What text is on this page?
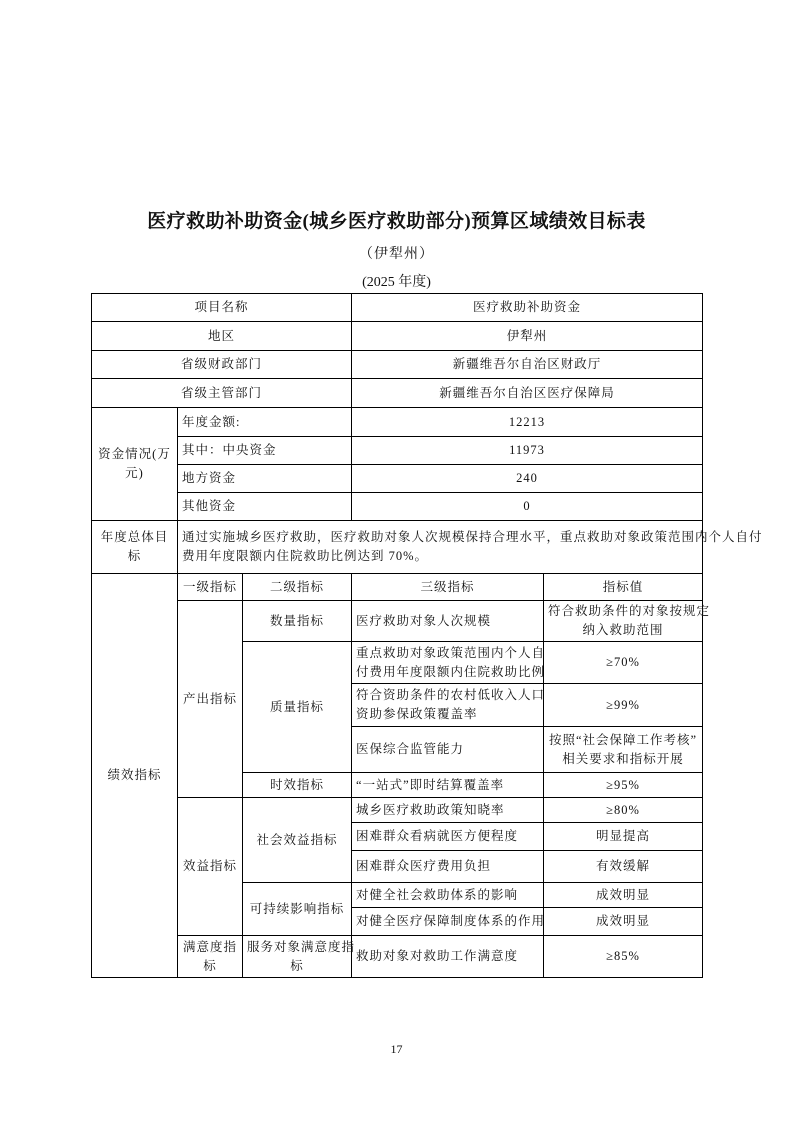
医疗救助补助资金(城乡医疗救助部分)预算区域绩效目标表
（伊犁州）
(2025 年度)
项目名称			医疗救助补助资金	
地区			伊犁州	
省级财政部门			新疆维吾尔自治区财政厅	
省级主管部门			新疆维吾尔自治区医疗保障局	

资金情况(万
元)	年度金额:		12213	
	其中：中央资金		11973	
	地方资金		240	
	其他资金		0	

年度总体目
标	通过实施城乡医疗救助，医疗救助对象人次规模保持合理水平，重点救助对象政策范围内个人自付
费用年度限额内住院救助比例达到 70%。			

绩效指标	一级指标	二级指标	三级指标	指标值

	产出指标	数量指标	医疗救助对象人次规模	符合救助条件的对象按规定
纳入救助范围

		质量指标	重点救助对象政策范围内个人自
付费用年度限额内住院救助比例	≥70%

			符合资助条件的农村低收入人口
资助参保政策覆盖率	≥99%

			医保综合监管能力	按照“社会保障工作考核”
相关要求和指标开展

		时效指标	“一站式”即时结算覆盖率	≥95%

	效益指标	社会效益指标	城乡医疗救助政策知晓率	≥80%

			困难群众看病就医方便程度	明显提高

			困难群众医疗费用负担	有效缓解

		可持续影响指标	对健全社会救助体系的影响	成效明显

			对健全医疗保障制度体系的作用	成效明显

	满意度指
标	服务对象满意度指
标	救助对象对救助工作满意度	≥85%
17
